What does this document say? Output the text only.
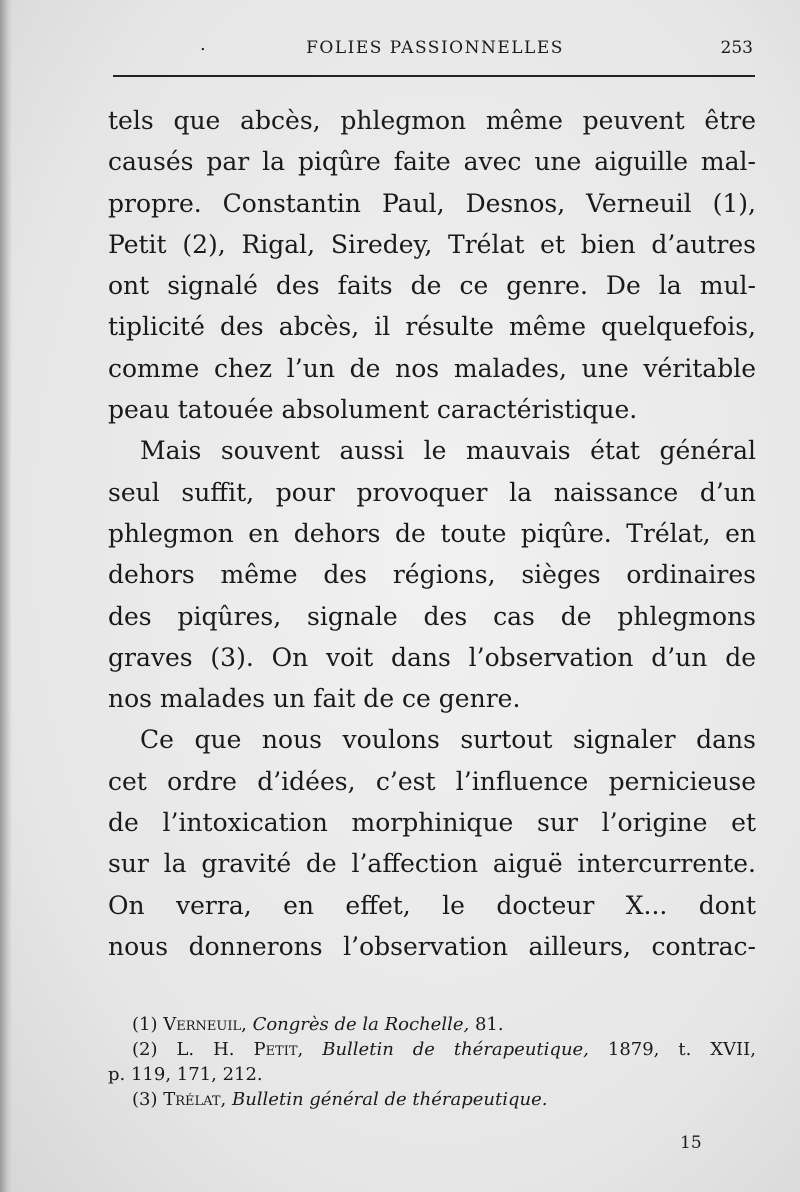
.	FOLIES PASSIONNELLES	253
tels que abcès, phlegmon même peuvent être
causés par la piqûre faite avec une aiguille mal-
propre. Constantin Paul, Desnos, Verneuil (1),
Petit (2), Rigal, Siredey, Trélat et bien d’autres
ont signalé des faits de ce genre. De la mul-
tiplicité des abcès, il résulte même quelquefois,
comme chez l’un de nos malades, une véritable
peau tatouée absolument caractéristique.
Mais souvent aussi le mauvais état général
seul suffit, pour provoquer la naissance d’un
phlegmon en dehors de toute piqûre. Trélat, en
dehors même des régions, sièges ordinaires
des piqûres, signale des cas de phlegmons
graves (3). On voit dans l’observation d’un de
nos malades un fait de ce genre.
Ce que nous voulons surtout signaler dans
cet ordre d’idées, c’est l’influence pernicieuse
de l’intoxication morphinique sur l’origine et
sur la gravité de l’affection aiguë intercurrente.
On verra, en effet, le docteur X... dont
nous donnerons l’observation ailleurs, contrac-
(1) Verneuil, Congrès de la Rochelle, 81.
(2) L. H. Petit, Bulletin de thérapeutique, 1879, t. XVII,
p. 119, 171, 212.
(3) Trélat, Bulletin général de thérapeutique.
15
